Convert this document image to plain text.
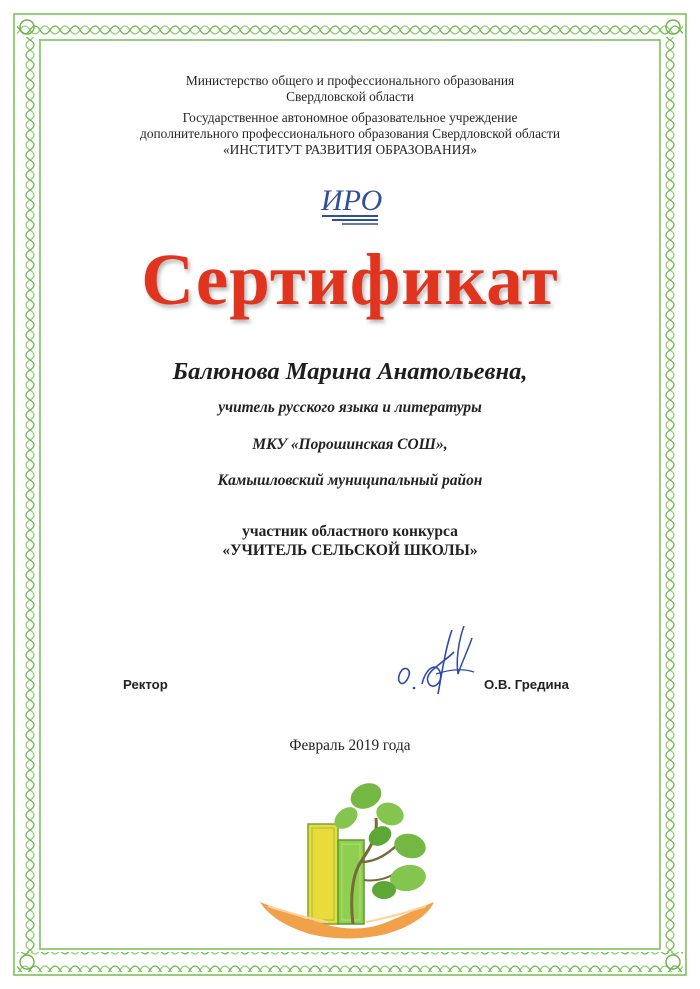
Министерство общего и профессионального образования
Свердловской области
Государственное автономное образовательное учреждение
дополнительного профессионального образования Свердловской области
«ИНСТИТУТ РАЗВИТИЯ ОБРАЗОВАНИЯ»
ИРО
Сертификат
Балюнова Марина Анатольевна,
учитель русского языка и литературы
МКУ «Порошинская СОШ»,
Камышловский муниципальный район
участник областного конкурса
«УЧИТЕЛЬ СЕЛЬСКОЙ ШКОЛЫ»
Ректор	О.В. Гредина
Февраль 2019 года
